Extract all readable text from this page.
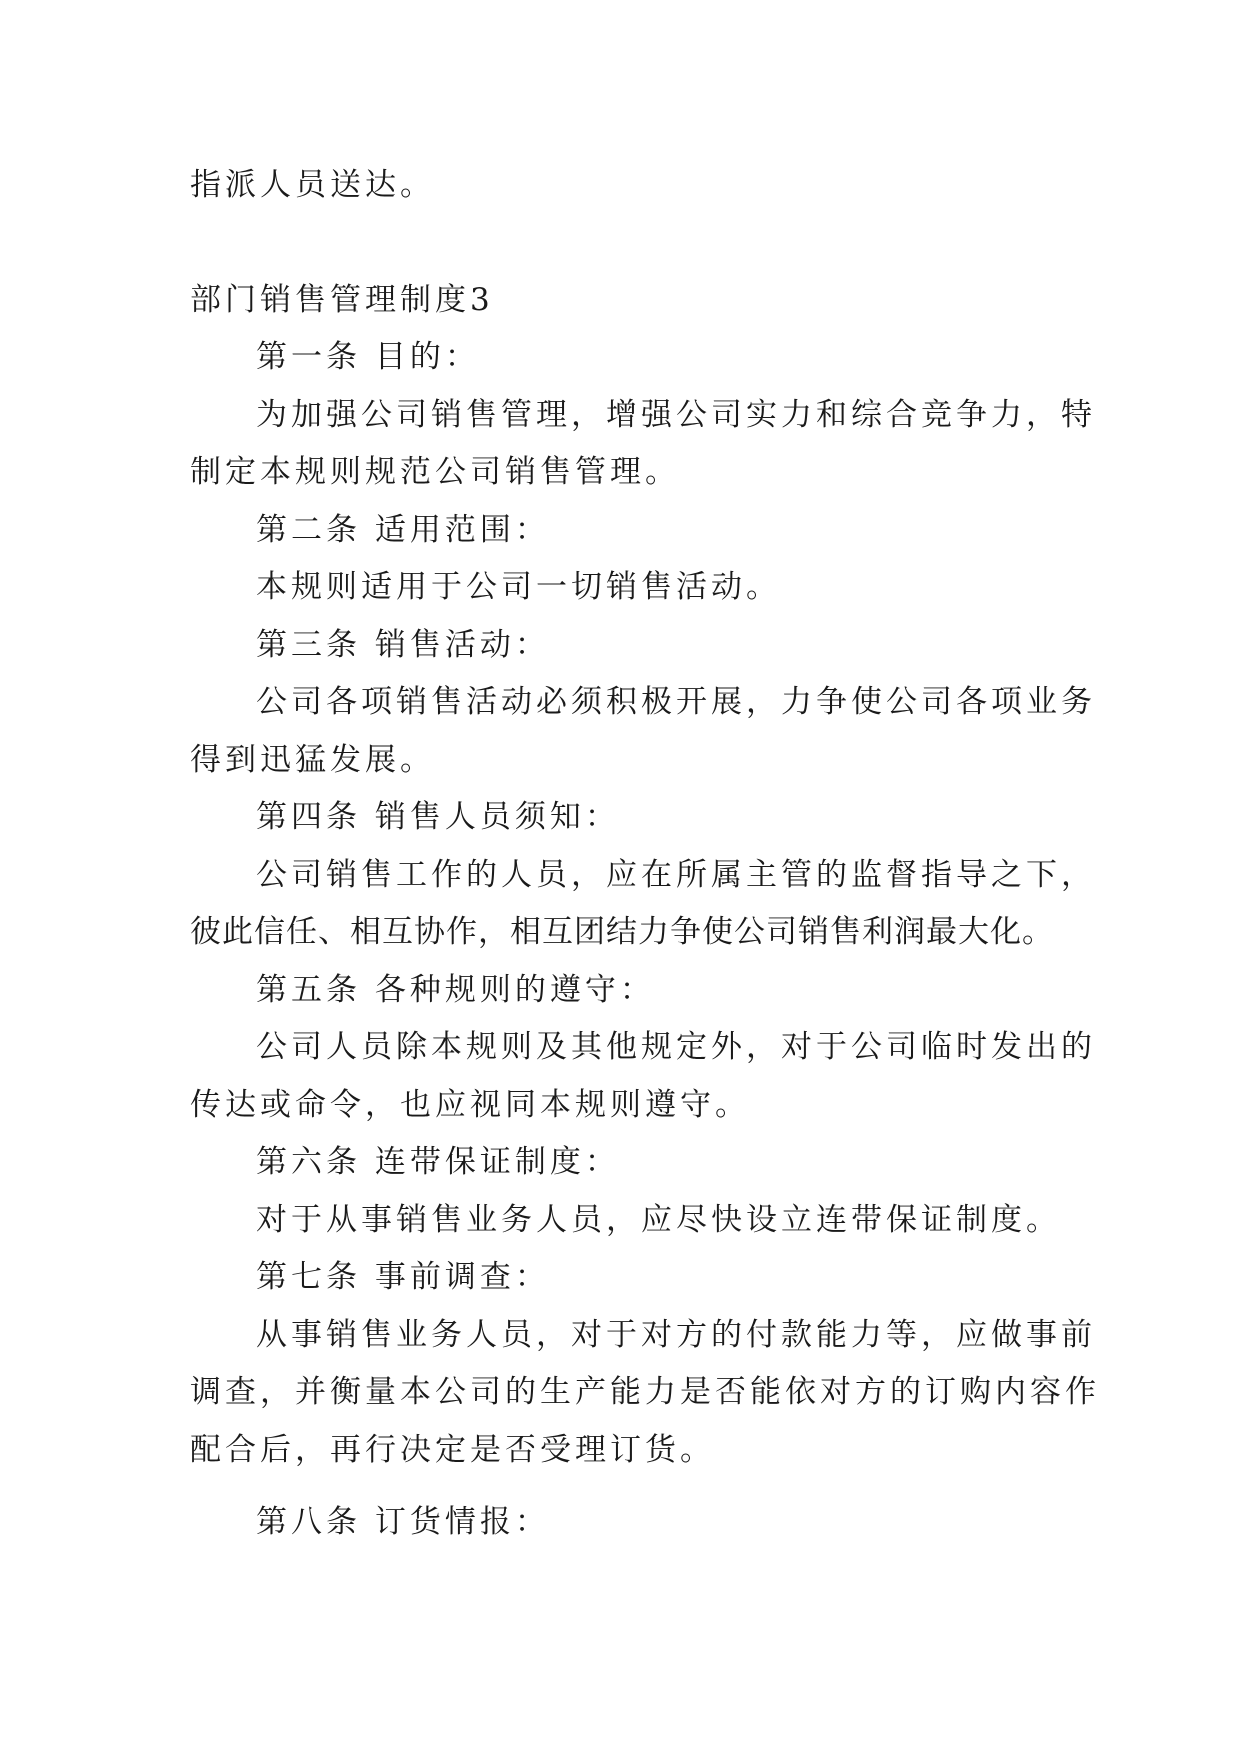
指派人员送达。
部门销售管理制度3
第一条 目的：
为加强公司销售管理，增强公司实力和综合竞争力，特
制定本规则规范公司销售管理。
第二条 适用范围：
本规则适用于公司一切销售活动。
第三条 销售活动：
公司各项销售活动必须积极开展，力争使公司各项业务
得到迅猛发展。
第四条 销售人员须知：
公司销售工作的人员，应在所属主管的监督指导之下，
彼此信任、相互协作，相互团结力争使公司销售利润最大化。
第五条 各种规则的遵守：
公司人员除本规则及其他规定外，对于公司临时发出的
传达或命令，也应视同本规则遵守。
第六条 连带保证制度：
对于从事销售业务人员，应尽快设立连带保证制度。
第七条 事前调查：
从事销售业务人员，对于对方的付款能力等，应做事前
调查，并衡量本公司的生产能力是否能依对方的订购内容作
配合后，再行决定是否受理订货。
第八条 订货情报：
